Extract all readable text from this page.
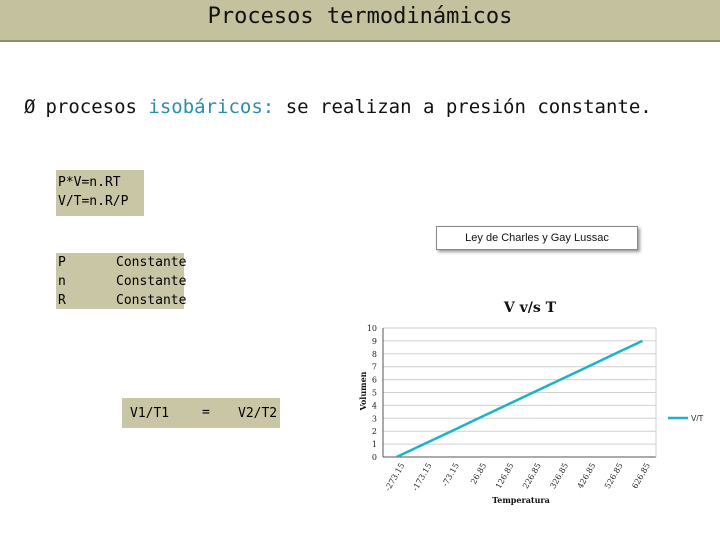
Procesos termodinámicos
Ø procesos isobáricos: se realizan a presión constante.
P*V=n.RT
V/T=n.R/P
P	Constante
n	Constante
R	Constante
V1/T1	= V2/T2
Ley de Charles y Gay Lussac
0
1
2
3
4
5
6
7
8
9
10
-273.15 -173.15 -73.15 26.85 126.85 226.85 326.85 426.85 526.85 626.85
V v/s T
Temperatura
Volumen
V/T
